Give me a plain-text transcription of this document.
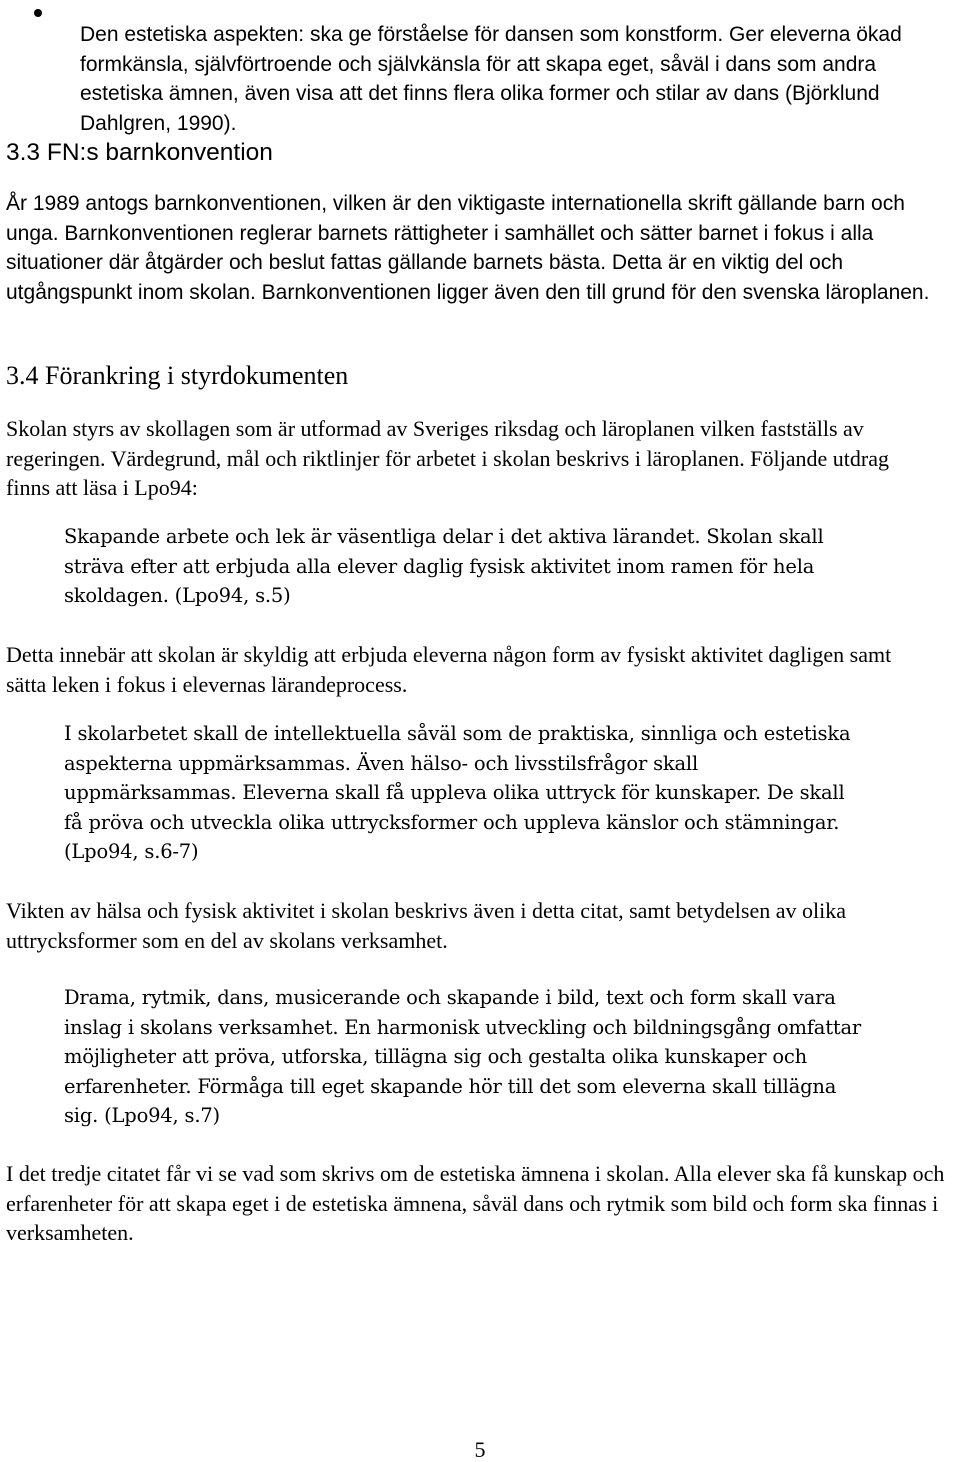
Den estetiska aspekten: ska ge förståelse för dansen som konstform. Ger eleverna ökad formkänsla, självförtroende och självkänsla för att skapa eget, såväl i dans som andra estetiska ämnen, även visa att det finns flera olika former och stilar av dans (Björklund Dahlgren, 1990).

3.3 FN:s barnkonvention

År 1989 antogs barnkonventionen, vilken är den viktigaste internationella skrift gällande barn och unga. Barnkonventionen reglerar barnets rättigheter i samhället och sätter barnet i fokus i alla situationer där åtgärder och beslut fattas gällande barnets bästa. Detta är en viktig del och utgångspunkt inom skolan. Barnkonventionen ligger även den till grund för den svenska läroplanen.

3.4 Förankring i styrdokumenten

Skolan styrs av skollagen som är utformad av Sveriges riksdag och läroplanen vilken fastställs av regeringen. Värdegrund, mål och riktlinjer för arbetet i skolan beskrivs i läroplanen. Följande utdrag finns att läsa i Lpo94:

Skapande arbete och lek är väsentliga delar i det aktiva lärandet. Skolan skall sträva efter att erbjuda alla elever daglig fysisk aktivitet inom ramen för hela skoldagen. (Lpo94, s.5)

Detta innebär att skolan är skyldig att erbjuda eleverna någon form av fysiskt aktivitet dagligen samt sätta leken i fokus i elevernas lärandeprocess.

I skolarbetet skall de intellektuella såväl som de praktiska, sinnliga och estetiska aspekterna uppmärksammas. Även hälso- och livsstilsfrågor skall uppmärksammas. Eleverna skall få uppleva olika uttryck för kunskaper. De skall få pröva och utveckla olika uttrycksformer och uppleva känslor och stämningar. (Lpo94, s.6-7)

Vikten av hälsa och fysisk aktivitet i skolan beskrivs även i detta citat, samt betydelsen av olika uttrycksformer som en del av skolans verksamhet.

Drama, rytmik, dans, musicerande och skapande i bild, text och form skall vara inslag i skolans verksamhet. En harmonisk utveckling och bildningsgång omfattar möjligheter att pröva, utforska, tillägna sig och gestalta olika kunskaper och erfarenheter. Förmåga till eget skapande hör till det som eleverna skall tillägna sig. (Lpo94, s.7)

I det tredje citatet får vi se vad som skrivs om de estetiska ämnena i skolan. Alla elever ska få kunskap och erfarenheter för att skapa eget i de estetiska ämnena, såväl dans och rytmik som bild och form ska finnas i verksamheten.

5
